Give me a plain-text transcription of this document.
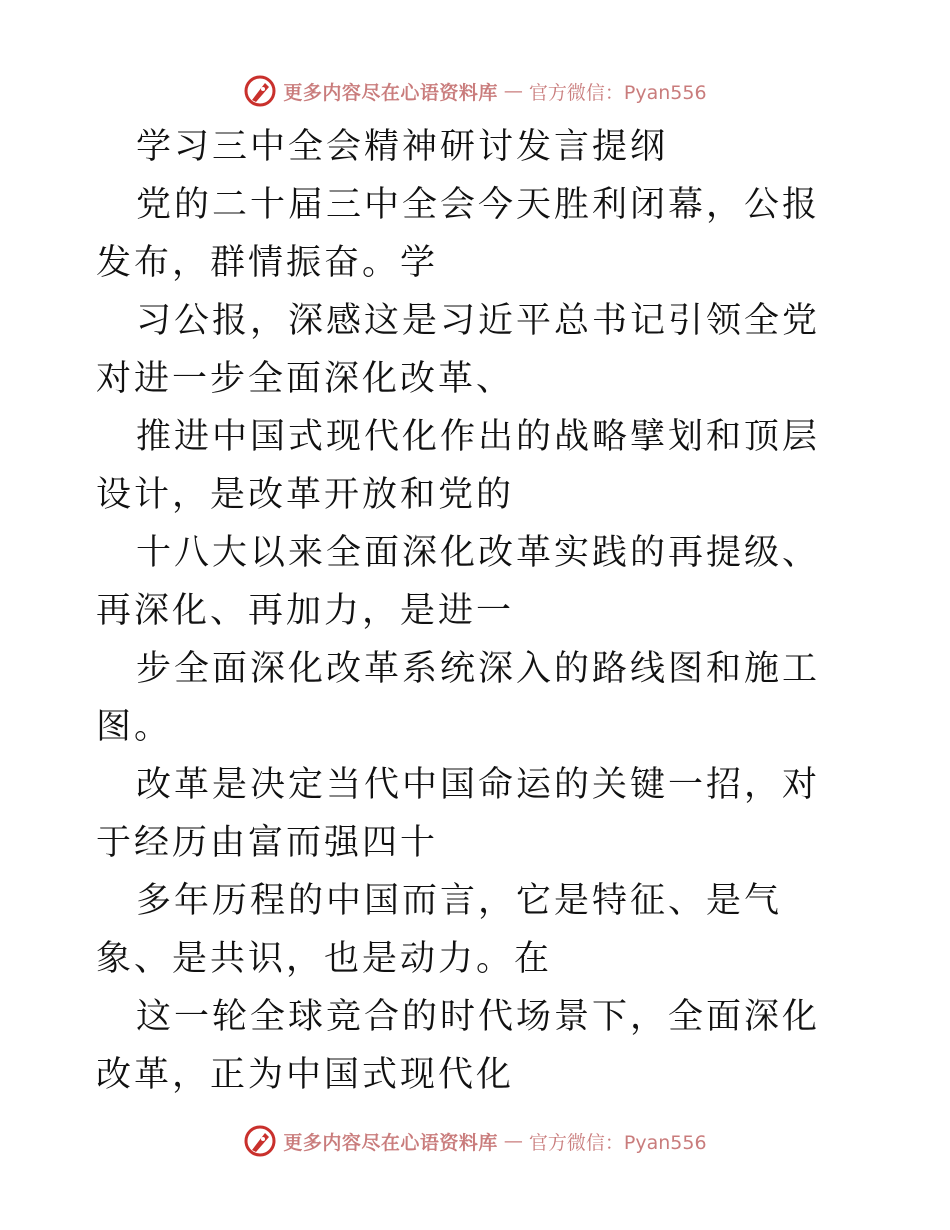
更多内容尽在心语资料库 — 官方微信：Pyan556

学习三中全会精神研讨发言提纲

党的二十届三中全会今天胜利闭幕，公报发布，群情振奋。学

习公报，深感这是习近平总书记引领全党对进一步全面深化改革、

推进中国式现代化作出的战略擘划和顶层设计，是改革开放和党的

十八大以来全面深化改革实践的再提级、再深化、再加力，是进一

步全面深化改革系统深入的路线图和施工图。

改革是决定当代中国命运的关键一招，对于经历由富而强四十

多年历程的中国而言，它是特征、是气象、是共识，也是动力。在

这一轮全球竞合的时代场景下，全面深化改革，正为中国式现代化

更多内容尽在心语资料库 — 官方微信：Pyan556
